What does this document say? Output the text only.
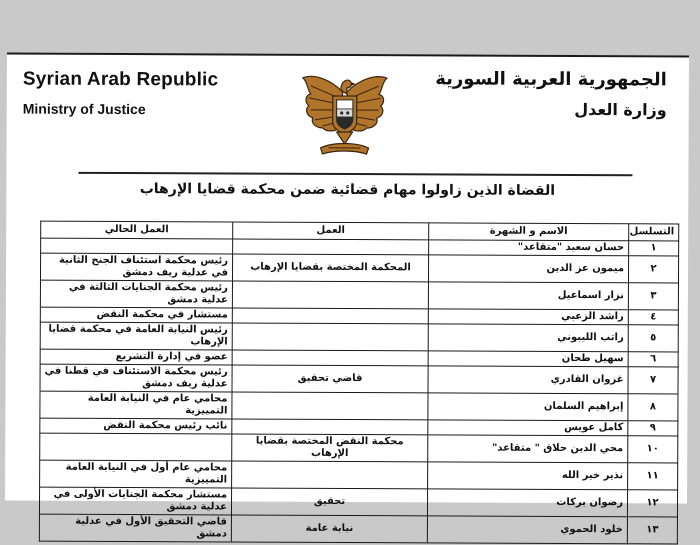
Syrian Arab Republic
Ministry of Justice
الجمهورية العربية السورية
وزارة العدل
القضاة الذين زاولوا مهام قضائية ضمن محكمة قضايا الإرهاب
التسلسل	الاسم و الشهرة	العمل	العمل الحالي
١	حسان سعيد "متقاعد"		
٢	ميمون عز الدين	المحكمة المختصة بقضايا الإرهاب	رئيس محكمة استئناف الجنح الثانية في عدلية ريف دمشق
٣	نزار اسماعيل		رئيس محكمة الجنايات الثالثة في عدلية دمشق
٤	راشد الزعبي		مستشار في محكمة النقض
٥	راتب الليبوني		رئيس النيابة العامة في محكمة قضايا الإرهاب
٦	سهيل طحان		عضو في إدارة التشريع
٧	غزوان القادري	قاضي تحقيق	رئيس محكمة الاستئناف في قطنا في عدلية ريف دمشق
٨	إبراهيم السلمان		محامي عام في النيابة العامة التمييزية
٩	كامل عويس		نائب رئيس محكمة النقض
١٠	محي الدين حلاق " متقاعد"	محكمة النقض المختصة بقضايا الإرهاب	
١١	نذير خير الله		محامي عام أول في النيابة العامة التمييزية
١٢	رضوان بركات	تحقيق	مستشار محكمة الجنايات الأولى في عدلية دمشق
١٣	خلود الحموي	نيابة عامة	قاضي التحقيق الأول في عدلية دمشق
